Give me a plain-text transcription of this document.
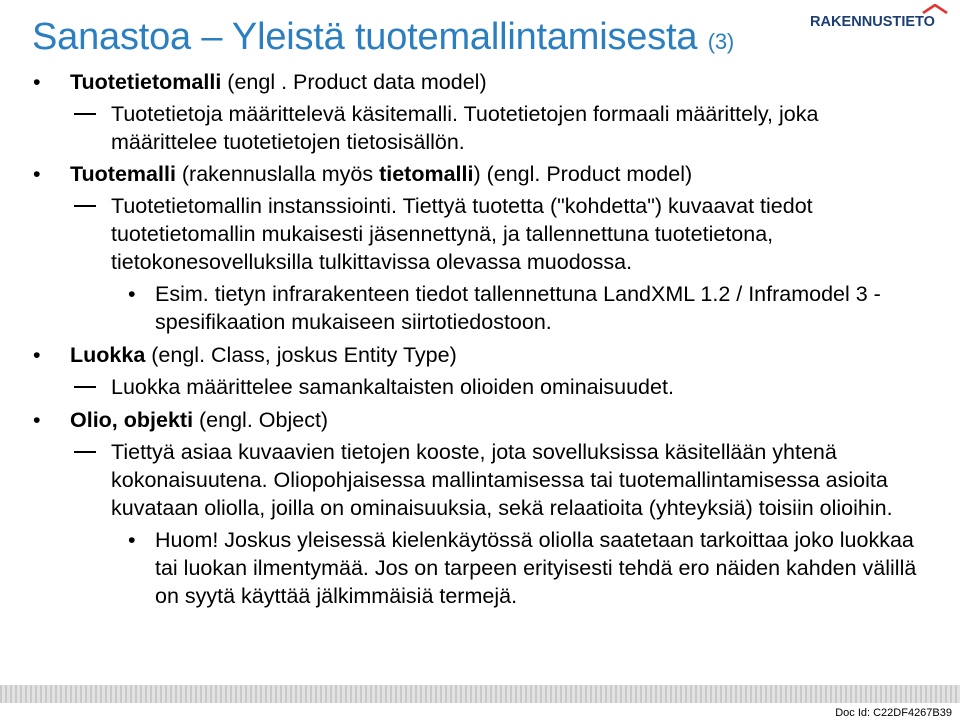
RAKENNUSTIETO
Sanastoa – Yleistä tuotemallintamisesta (3)
• Tuotetietomalli (engl . Product data model)
Tuotetietoja määrittelevä käsitemalli. Tuotetietojen formaali määrittely, joka määrittelee tuotetietojen tietosisällön.
• Tuotemalli (rakennuslalla myös tietomalli) (engl. Product model)
Tuotetietomallin instanssiointi. Tiettyä tuotetta ("kohdetta") kuvaavat tiedot tuotetietomallin mukaisesti jäsennettynä, ja tallennettuna tuotetietona, tietokonesovelluksilla tulkittavissa olevassa muodossa.
• Esim. tietyn infrarakenteen tiedot tallennettuna LandXML 1.2 / Inframodel 3 -spesifikaation mukaiseen siirtotiedostoon.
• Luokka (engl. Class, joskus Entity Type)
Luokka määrittelee samankaltaisten olioiden ominaisuudet.
• Olio, objekti (engl. Object)
Tiettyä asiaa kuvaavien tietojen kooste, jota sovelluksissa käsitellään yhtenä kokonaisuutena. Oliopohjaisessa mallintamisessa tai tuotemallintamisessa asioita kuvataan oliolla, joilla on ominaisuuksia, sekä relaatioita (yhteyksiä) toisiin olioihin.
• Huom! Joskus yleisessä kielenkäytössä oliolla saatetaan tarkoittaa joko luokkaa tai luokan ilmentymää. Jos on tarpeen erityisesti tehdä ero näiden kahden välillä on syytä käyttää jälkimmäisiä termejä.
Doc Id: C22DF4267B39
